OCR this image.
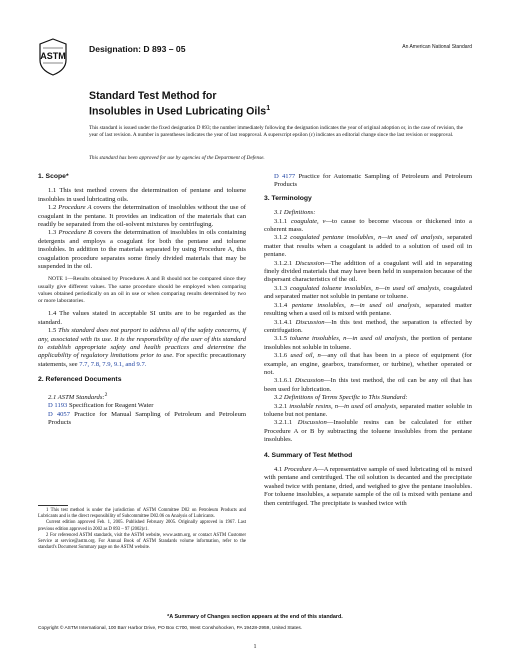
ASTM
Designation: D 893 – 05	An American National Standard
Standard Test Method for
Insolubles in Used Lubricating Oils$^1$
This standard is issued under the fixed designation D 893; the number immediately following the designation indicates the year of original adoption or, in the case of revision, the year of last revision. A number in parentheses indicates the year of last reapproval. A superscript epsilon (ε) indicates an editorial change since the last revision or reapproval.
This standard has been approved for use by agencies of the Department of Defense.

1. Scope*

1.1 This test method covers the determination of pentane and toluene insolubles in used lubricating oils.

1.2 Procedure A covers the determination of insolubles without the use of coagulant in the pentane. It provides an indication of the materials that can readily be separated from the oil-solvent mixtures by centrifuging.

1.3 Procedure B covers the determination of insolubles in oils containing detergents and employs a coagulant for both the pentane and toluene insolubles. In addition to the materials separated by using Procedure A, this coagulation procedure separates some finely divided materials that may be suspended in the oil.

NOTE 1—Results obtained by Procedures A and B should not be compared since they usually give different values. The same procedure should be employed when comparing values obtained periodically on an oil in use or when comparing results determined by two or more laboratories.

1.4 The values stated in acceptable SI units are to be regarded as the standard.

1.5 This standard does not purport to address all of the safety concerns, if any, associated with its use. It is the responsibility of the user of this standard to establish appropriate safety and health practices and determine the applicability of regulatory limitations prior to use. For specific precautionary statements, see 7.7, 7.8, 7.9, 9.1, and 9.7.

2. Referenced Documents

2.1 ASTM Standards:$^2$

D 1193 Specification for Reagent Water

D 4057 Practice for Manual Sampling of Petroleum and Petroleum Products

1 This test method is under the jurisdiction of ASTM Committee D02 on Petroleum Products and Lubricants and is the direct responsibility of Subcommittee D02.06 on Analysis of Lubricants.

Current edition approved Feb. 1, 2005. Published February 2005. Originally approved in 1967. Last previous edition approved in 2002 as D 893 – 97 (2002)ε1.

2 For referenced ASTM standards, visit the ASTM website, www.astm.org, or contact ASTM Customer Service at service@astm.org. For Annual Book of ASTM Standards volume information, refer to the standard's Document Summary page on the ASTM website.

D 4177 Practice for Automatic Sampling of Petroleum and Petroleum Products

3. Terminology

3.1 Definitions:

3.1.1 coagulate, v—to cause to become viscous or thickened into a coherent mass.

3.1.2 coagulated pentane insolubles, n—in used oil analysis, separated matter that results when a coagulant is added to a solution of used oil in pentane.

3.1.2.1 Discussion—The addition of a coagulant will aid in separating finely divided materials that may have been held in suspension because of the dispersant characteristics of the oil.

3.1.3 coagulated toluene insolubles, n—in used oil analysis, coagulated and separated matter not soluble in pentane or toluene.

3.1.4 pentane insolubles, n—in used oil analysis, separated matter resulting when a used oil is mixed with pentane.

3.1.4.1 Discussion—In this test method, the separation is effected by centrifugation.

3.1.5 toluene insolubles, n—in used oil analysis, the portion of pentane insolubles not soluble in toluene.

3.1.6 used oil, n—any oil that has been in a piece of equipment (for example, an engine, gearbox, transformer, or turbine), whether operated or not.

3.1.6.1 Discussion—In this test method, the oil can be any oil that has been used for lubrication.

3.2 Definitions of Terms Specific to This Standard:

3.2.1 insoluble resins, n—in used oil analysis, separated matter soluble in toluene but not pentane.

3.2.1.1 Discussion—Insoluble resins can be calculated for either Procedure A or B by subtracting the toluene insolubles from the pentane insolubles.

4. Summary of Test Method

4.1 Procedure A—A representative sample of used lubricating oil is mixed with pentane and centrifuged. The oil solution is decanted and the precipitate washed twice with pentane, dried, and weighed to give the pentane insolubles. For toluene insolubles, a separate sample of the oil is mixed with pentane and then centrifuged. The precipitate is washed twice with

*A Summary of Changes section appears at the end of this standard.
Copyright © ASTM International, 100 Barr Harbor Drive, PO Box C700, West Conshohocken, PA 19428-2959, United States.
1
